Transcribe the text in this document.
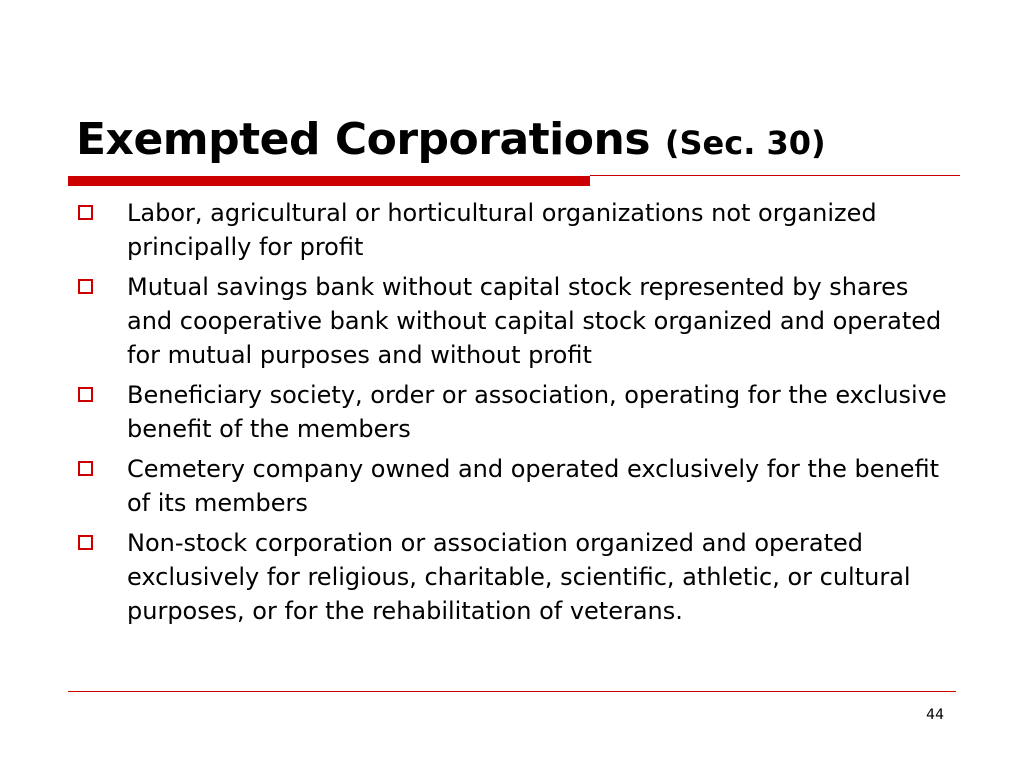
Exempted Corporations (Sec. 30)
Labor, agricultural or horticultural organizations not organized principally for profit
Mutual savings bank without capital stock represented by shares and cooperative bank without capital stock organized and operated for mutual purposes and without profit
Beneficiary society, order or association, operating for the exclusive benefit of the members
Cemetery company owned and operated exclusively for the benefit of its members
Non-stock corporation or association organized and operated exclusively for religious, charitable, scientific, athletic, or cultural purposes, or for the rehabilitation of veterans.
44
